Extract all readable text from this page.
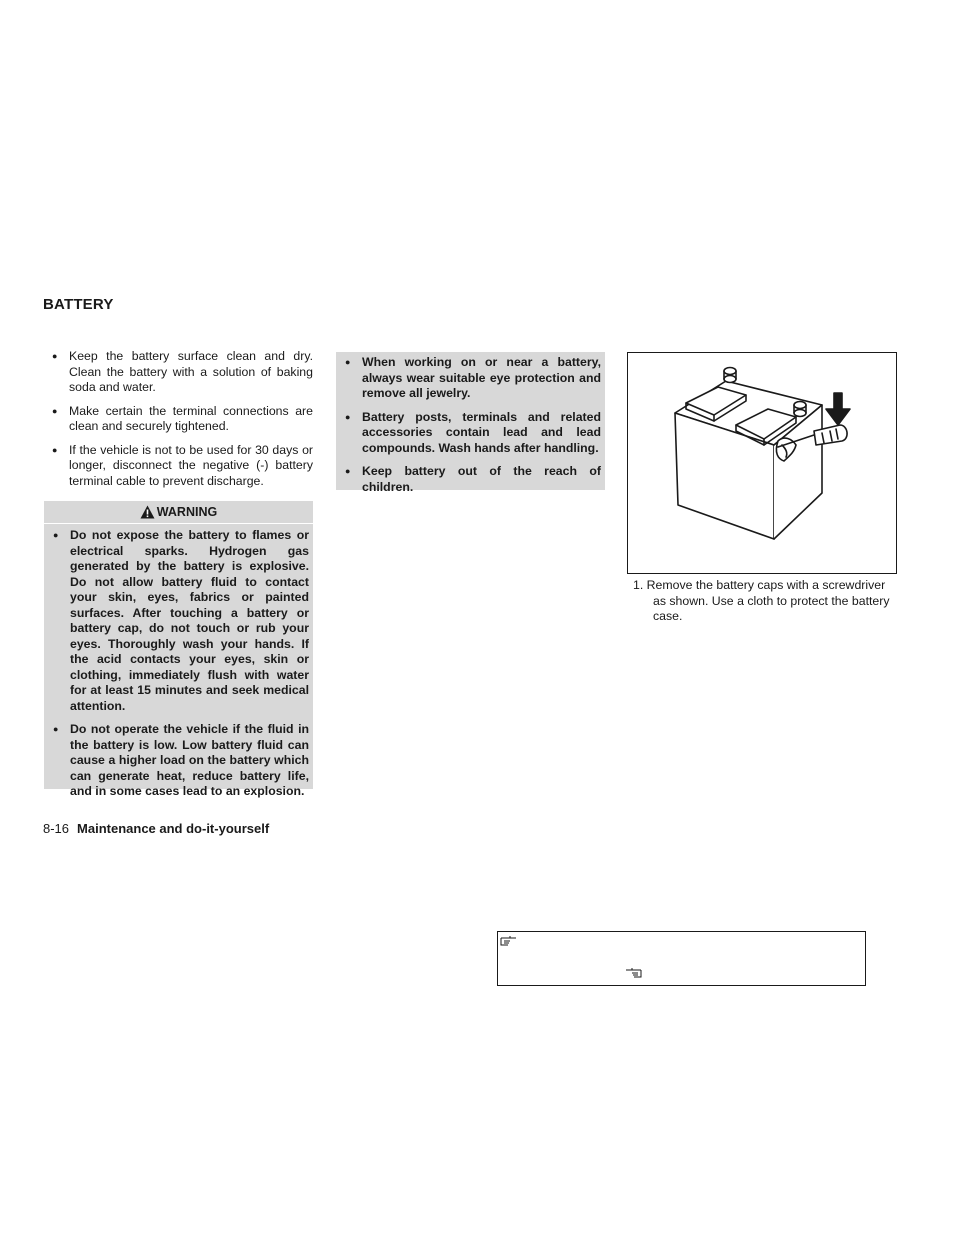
BATTERY
● Keep the battery surface clean and dry. Clean the battery with a solution of baking soda and water.
● Make certain the terminal connections are clean and securely tightened.
● If the vehicle is not to be used for 30 days or longer, disconnect the negative (-) battery terminal cable to prevent discharge.
WARNING
● Do not expose the battery to flames or electrical sparks. Hydrogen gas generated by the battery is explosive. Do not allow battery fluid to contact your skin, eyes, fabrics or painted surfaces. After touching a battery or battery cap, do not touch or rub your eyes. Thoroughly wash your hands. If the acid contacts your eyes, skin or clothing, immediately flush with water for at least 15 minutes and seek medical attention.
● Do not operate the vehicle if the fluid in the battery is low. Low battery fluid can cause a higher load on the battery which can generate heat, reduce battery life, and in some cases lead to an explosion.
● When working on or near a battery, always wear suitable eye protection and remove all jewelry.
● Battery posts, terminals and related accessories contain lead and lead compounds. Wash hands after handling.
● Keep battery out of the reach of children.
1. Remove the battery caps with a screwdriver as shown. Use a cloth to protect the battery case.
8-16 Maintenance and do-it-yourself
